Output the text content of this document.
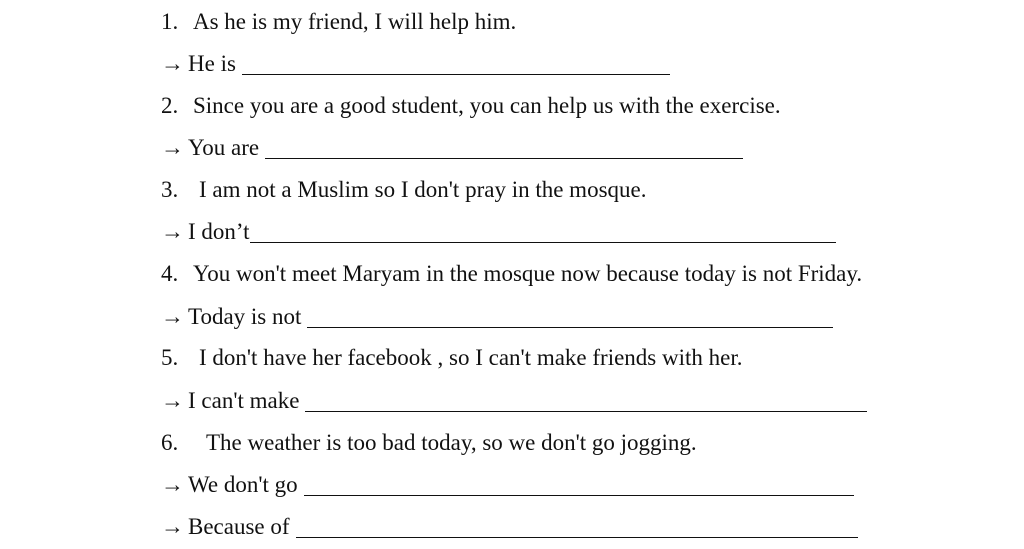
1. As he is my friend, I will help him.
→ He is
2. Since you are a good student, you can help us with the exercise.
→ You are
3. I am not a Muslim so I don't pray in the mosque.
→ I don’t
4. You won't meet Maryam in the mosque now because today is not Friday.
→ Today is not
5. I don't have her facebook , so I can't make friends with her.
→ I can't make
6.	The weather is too bad today, so we don't go jogging.
→ We don't go
→ Because of
